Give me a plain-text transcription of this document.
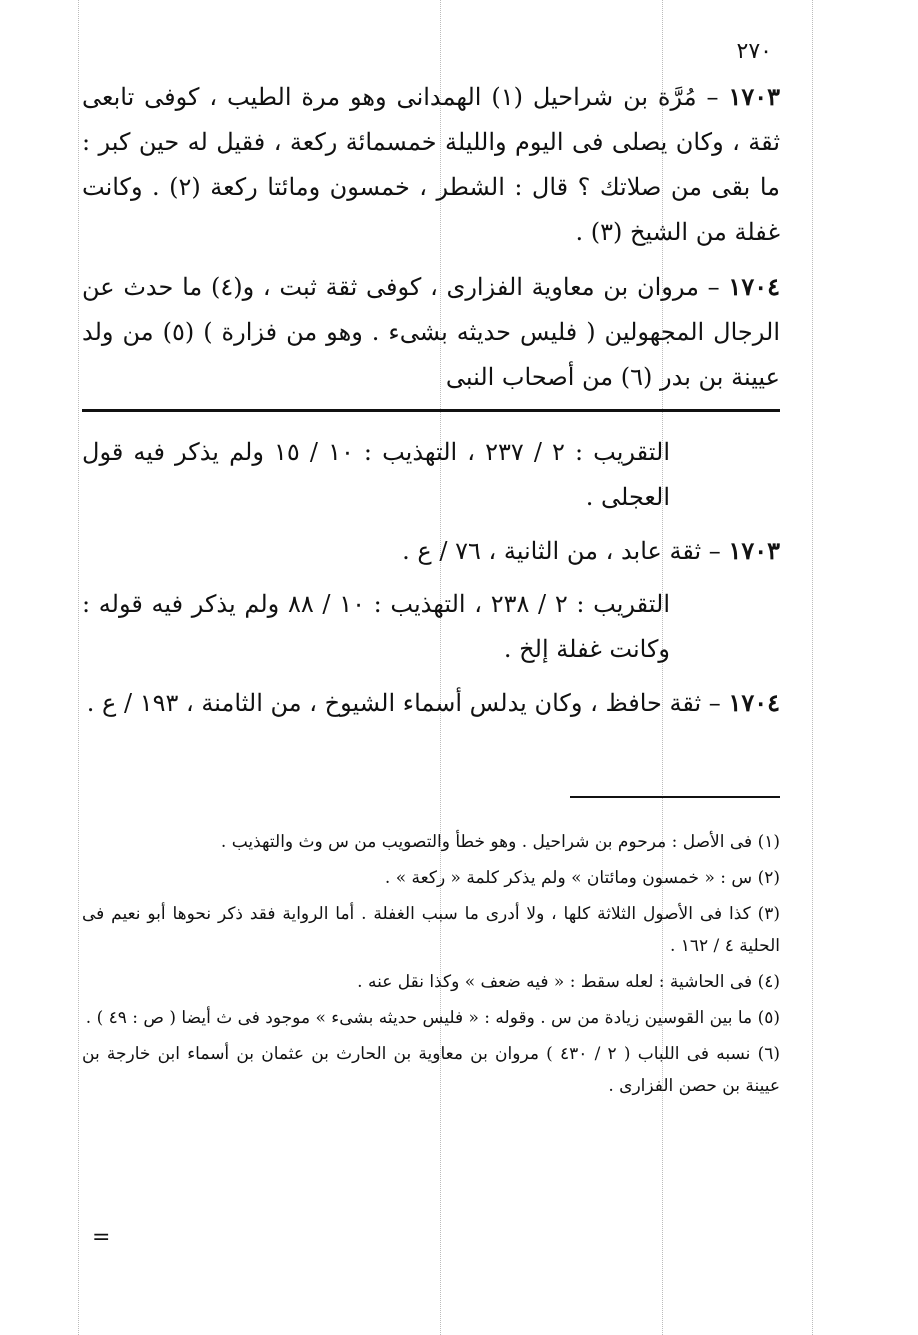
٢٧٠
١٧٠٣ – مُرَّة بن شراحيل (١) الهمدانى وهو مرة الطيب ، كوفى تابعى ثقة ، وكان يصلى فى اليوم والليلة خمسمائة ركعة ، فقيل له حين كبر : ما بقى من صلاتك ؟ قال : الشطر ، خمسون ومائتا ركعة (٢) . وكانت غفلة من الشيخ (٣) .
١٧٠٤ – مروان بن معاوية الفزارى ، كوفى ثقة ثبت ، و(٤) ما حدث عن الرجال المجهولين ( فليس حديثه بشىء . وهو من فزارة ) (٥) من ولد عيينة بن بدر (٦) من أصحاب النبى
التقريب : ٢ / ٢٣٧ ، التهذيب : ١٠ / ١٥ ولم يذكر فيه قول العجلى .
١٧٠٣ – ثقة عابد ، من الثانية ، ٧٦ / ع .
التقريب : ٢ / ٢٣٨ ، التهذيب : ١٠ / ٨٨ ولم يذكر فيه قوله : وكانت غفلة إلخ .
١٧٠٤ – ثقة حافظ ، وكان يدلس أسماء الشيوخ ، من الثامنة ، ١٩٣ / ع .

(١) فى الأصل : مرحوم بن شراحيل . وهو خطأ والتصويب من س وث والتهذيب .

(٢) س : « خمسون ومائتان » ولم يذكر كلمة « ركعة » .

(٣) كذا فى الأصول الثلاثة كلها ، ولا أدرى ما سبب الغفلة . أما الرواية فقد ذكر نحوها أبو نعيم فى الحلية ٤ / ١٦٢ .

(٤) فى الحاشية : لعله سقط : « فيه ضعف » وكذا نقل عنه .

(٥) ما بين القوسين زيادة من س . وقوله : « فليس حديثه بشىء » موجود فى ث أيضا ( ص : ٤٩ ) .

(٦) نسبه فى اللباب ( ٢ / ٤٣٠ ) مروان بن معاوية بن الحارث بن عثمان بن أسماء ابن خارجة بن عيينة بن حصن الفزارى .

=
